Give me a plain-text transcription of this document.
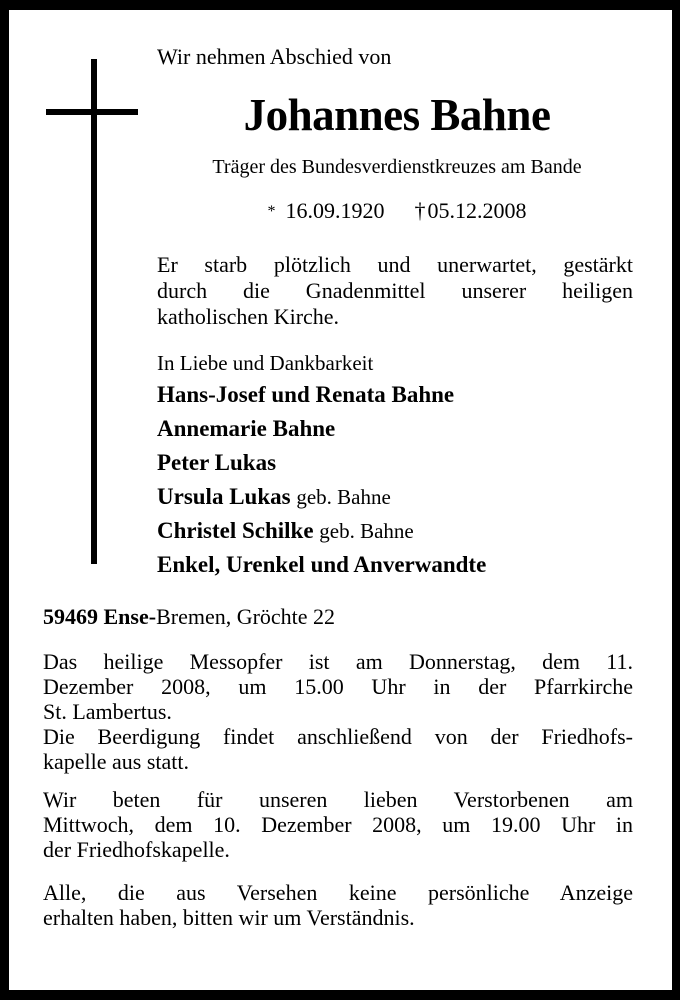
Wir nehmen Abschied von
Johannes Bahne
Träger des Bundesverdienstkreuzes am Bande
* 16.09.1920 †05.12.2008
Er starb plötzlich und unerwartet, gestärkt
durch die Gnadenmittel unserer heiligen
katholischen Kirche.
In Liebe und Dankbarkeit
Hans-Josef und Renata Bahne
Annemarie Bahne
Peter Lukas
Ursula Lukas geb. Bahne
Christel Schilke geb. Bahne
Enkel, Urenkel und Anverwandte
59469 Ense-Bremen, Gröchte 22
Das heilige Messopfer ist am Donnerstag, dem 11.
Dezember 2008, um 15.00 Uhr in der Pfarrkirche
St. Lambertus.
Die Beerdigung findet anschließend von der Friedhofs-
kapelle aus statt.
Wir beten für unseren lieben Verstorbenen am
Mittwoch, dem 10. Dezember 2008, um 19.00 Uhr in
der Friedhofskapelle.
Alle, die aus Versehen keine persönliche Anzeige
erhalten haben, bitten wir um Verständnis.
